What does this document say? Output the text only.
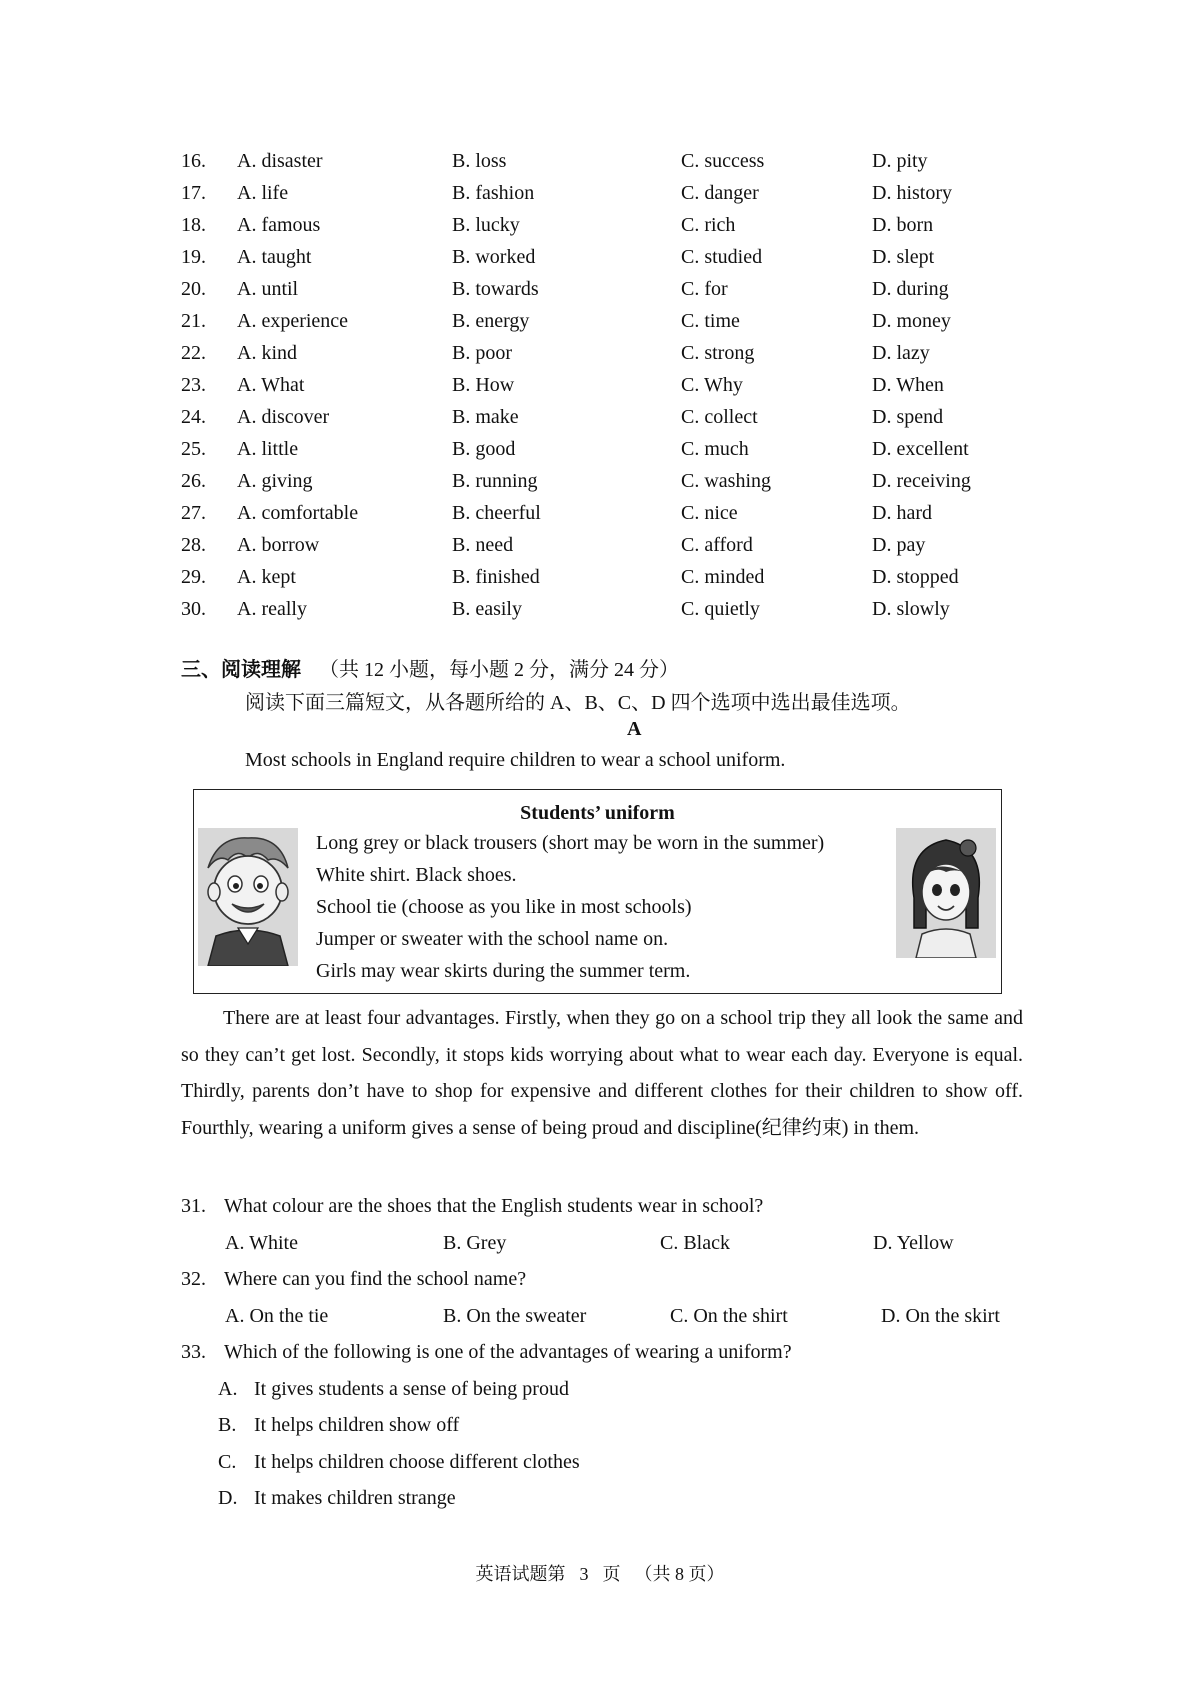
16. A. disaster	B. loss	C. success	D. pity
17. A. life	B. fashion	C. danger	D. history
18. A. famous	B. lucky	C. rich	D. born
19. A. taught	B. worked	C. studied	D. slept
20. A. until	B. towards	C. for	D. during
21. A. experience	B. energy	C. time	D. money
22. A. kind	B. poor	C. strong	D. lazy
23. A. What	B. How	C. Why	D. When
24. A. discover	B. make	C. collect	D. spend
25. A. little	B. good	C. much	D. excellent
26. A. giving	B. running	C. washing	D. receiving
27. A. comfortable	B. cheerful	C. nice	D. hard
28. A. borrow	B. need	C. afford	D. pay
29. A. kept	B. finished	C. minded	D. stopped
30. A. really	B. easily	C. quietly	D. slowly
三、阅读理解 （共 12 小题，每小题 2 分，满分 24 分）
阅读下面三篇短文，从各题所给的 A、B、C、D 四个选项中选出最佳选项。
A
Most schools in England require children to wear a school uniform.
Students’ uniform
Long grey or black trousers (short may be worn in the summer)
White shirt. Black shoes.
School tie (choose as you like in most schools)
Jumper or sweater with the school name on.
Girls may wear skirts during the summer term.
There are at least four advantages. Firstly, when they go on a school trip they all look the same and so they can’t get lost. Secondly, it stops kids worrying about what to wear each day. Everyone is equal. Thirdly, parents don’t have to shop for expensive and different clothes for their children to show off. Fourthly, wearing a uniform gives a sense of being proud and discipline(纪律约束) in them.
31. What colour are the shoes that the English students wear in school?
A. White	B. Grey	C. Black	D. Yellow
32. Where can you find the school name?
A. On the tie	B. On the sweater	C. On the shirt	D. On the skirt
33. Which of the following is one of the advantages of wearing a uniform?
A. It gives students a sense of being proud
B. It helps children show off
C. It helps children choose different clothes
D. It makes children strange
英语试题第 3 页 （共 8 页）
